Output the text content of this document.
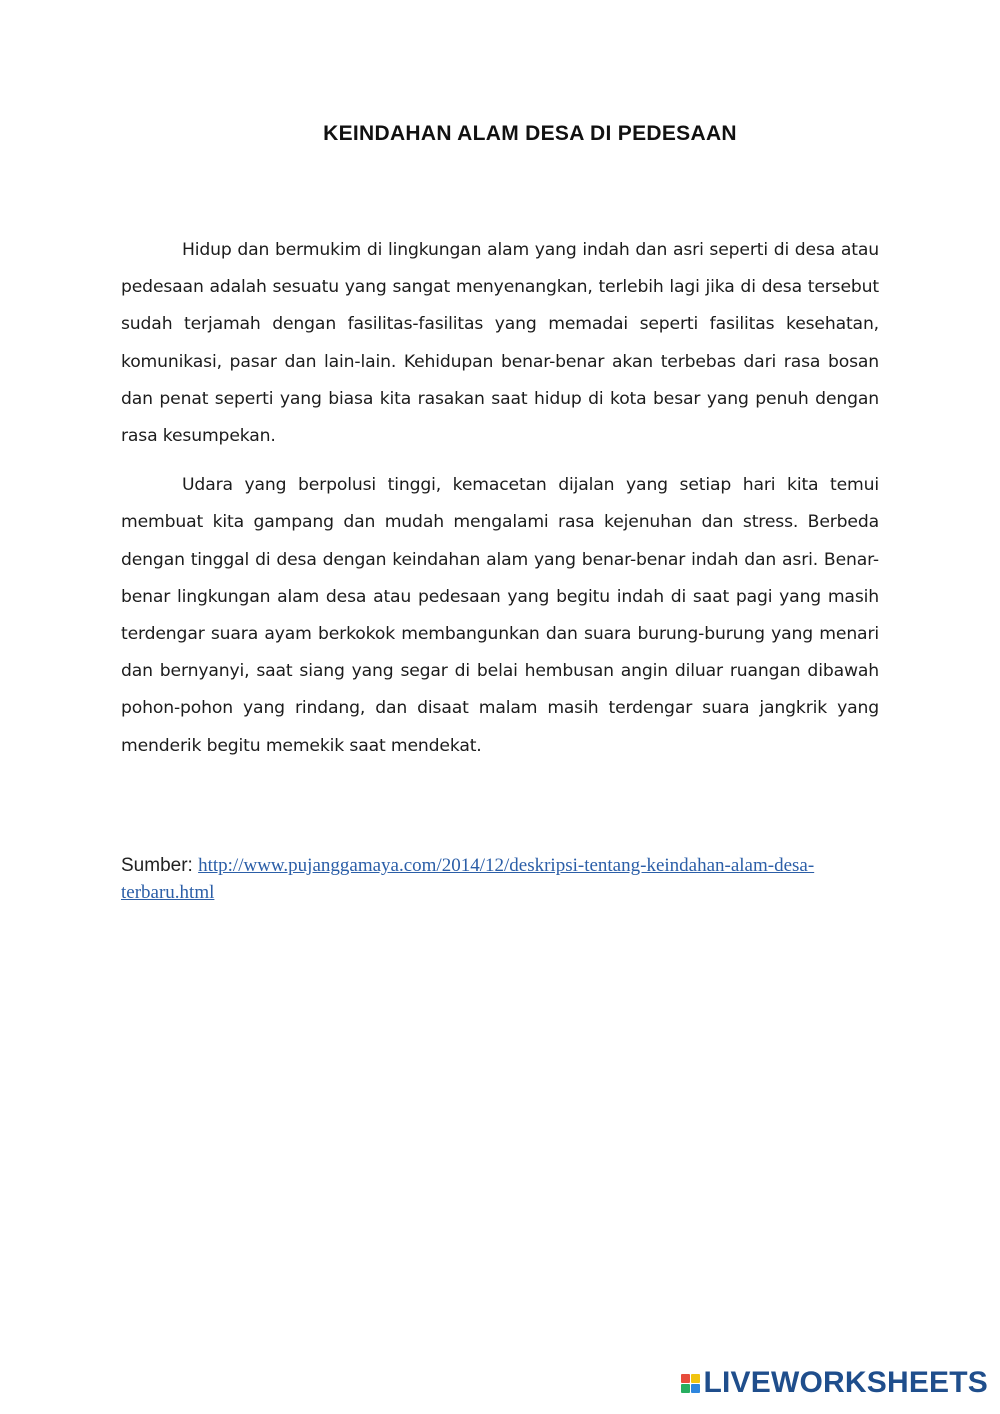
KEINDAHAN ALAM DESA DI PEDESAAN

Hidup dan bermukim di lingkungan alam yang indah dan asri seperti di desa atau pedesaan adalah sesuatu yang sangat menyenangkan, terlebih lagi jika di desa tersebut sudah terjamah dengan fasilitas-fasilitas yang memadai seperti fasilitas kesehatan, komunikasi, pasar dan lain-lain. Kehidupan benar-benar akan terbebas dari rasa bosan dan penat seperti yang biasa kita rasakan saat hidup di kota besar yang penuh dengan rasa kesumpekan.

Udara yang berpolusi tinggi, kemacetan dijalan yang setiap hari kita temui membuat kita gampang dan mudah mengalami rasa kejenuhan dan stress. Berbeda dengan tinggal di desa dengan keindahan alam yang benar-benar indah dan asri. Benar-benar lingkungan alam desa atau pedesaan yang begitu indah di saat pagi yang masih terdengar suara ayam berkokok membangunkan dan suara burung-burung yang menari dan bernyanyi, saat siang yang segar di belai hembusan angin diluar ruangan dibawah pohon-pohon yang rindang, dan disaat malam masih terdengar suara jangkrik yang menderik begitu memekik saat mendekat.

Sumber: http://www.pujanggamaya.com/2014/12/deskripsi-tentang-keindahan-alam-desa-terbaru.html
LIVEWORKSHEETS
